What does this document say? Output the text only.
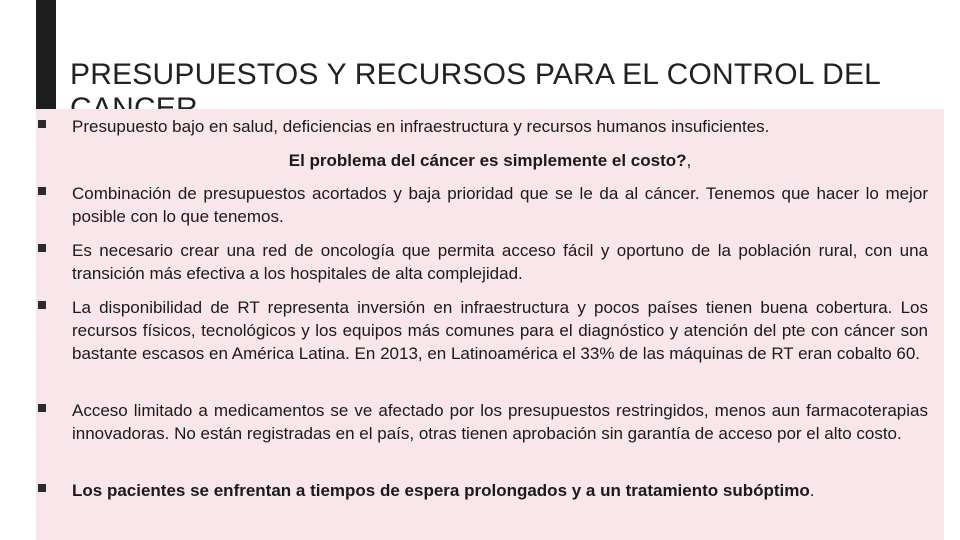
PRESUPUESTOS Y RECURSOS PARA EL CONTROL DEL
Presupuesto bajo en salud, deficiencias en infraestructura y recursos humanos insuficientes.
El problema del cáncer es simplemente el costo?,
Combinación de presupuestos acortados y baja prioridad que se le da al cáncer. Tenemos que hacer lo mejor posible con lo que tenemos.
Es necesario crear una red de oncología que permita acceso fácil y oportuno de la población rural, con una transición más efectiva a los hospitales de alta complejidad.
La disponibilidad de RT representa inversión en infraestructura y pocos países tienen buena cobertura. Los recursos físicos, tecnológicos y los equipos más comunes para el diagnóstico y atención del pte con cáncer son bastante escasos en América Latina. En 2013, en Latinoamérica el 33% de las máquinas de RT eran cobalto 60.
Acceso limitado a medicamentos se ve afectado por los presupuestos restringidos, menos aun farmacoterapias innovadoras. No están registradas en el país, otras tienen aprobación sin garantía de acceso por el alto costo.
Los pacientes se enfrentan a tiempos de espera prolongados y a un tratamiento subóptimo.
